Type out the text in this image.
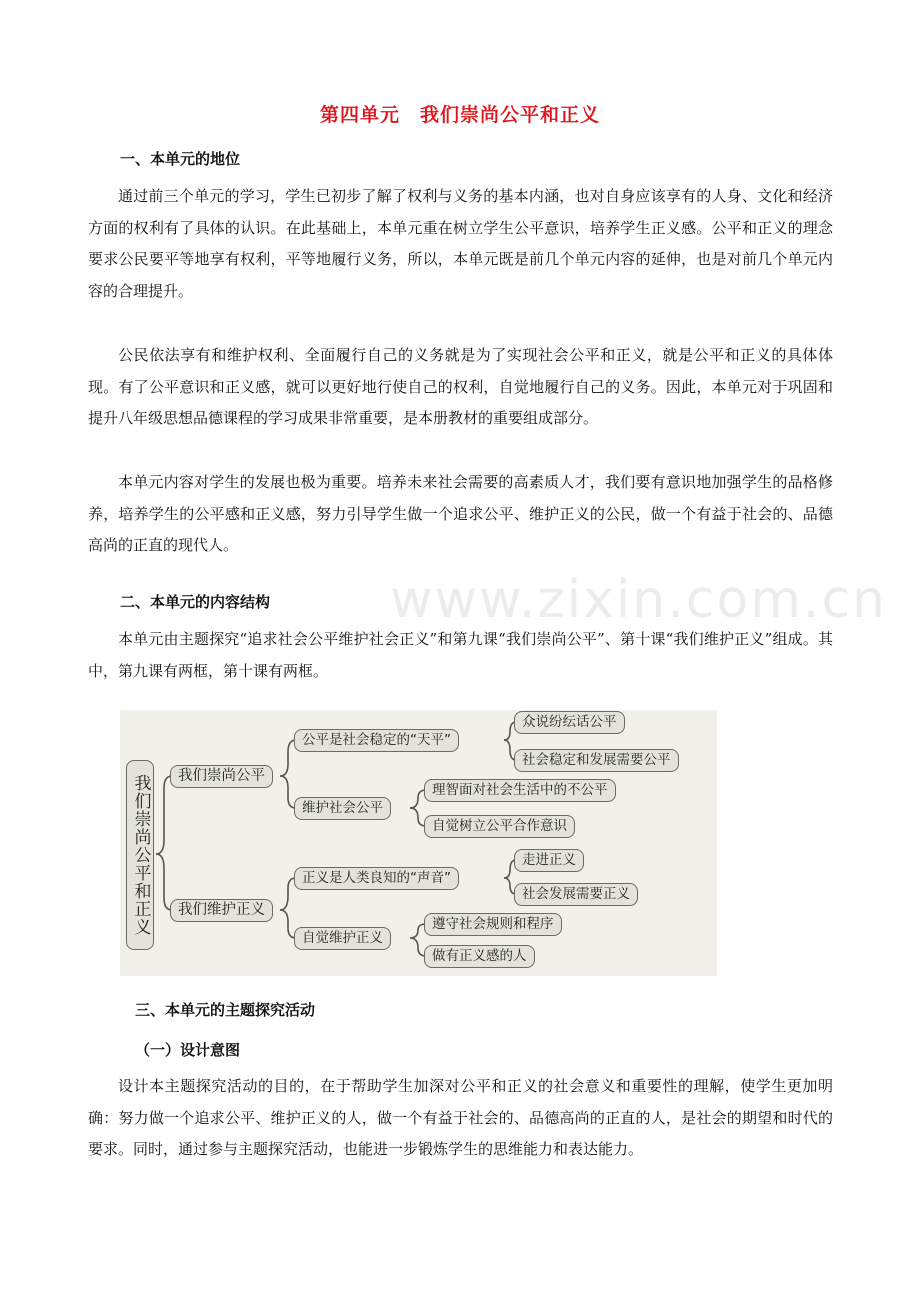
第四单元　我们崇尚公平和正义
一、本单元的地位

通过前三个单元的学习，学生已初步了解了权利与义务的基本内涵，也对自身应该享有的人身、文化和经济方面的权利有了具体的认识。在此基础上，本单元重在树立学生公平意识，培养学生正义感。公平和正义的理念要求公民要平等地享有权利，平等地履行义务，所以，本单元既是前几个单元内容的延伸，也是对前几个单元内容的合理提升。

公民依法享有和维护权利、全面履行自己的义务就是为了实现社会公平和正义，就是公平和正义的具体体现。有了公平意识和正义感，就可以更好地行使自己的权利，自觉地履行自己的义务。因此，本单元对于巩固和提升八年级思想品德课程的学习成果非常重要，是本册教材的重要组成部分。

本单元内容对学生的发展也极为重要。培养未来社会需要的高素质人才，我们要有意识地加强学生的品格修养，培养学生的公平感和正义感，努力引导学生做一个追求公平、维护正义的公民，做一个有益于社会的、品德高尚的正直的现代人。

www.zixin.com.cn
二、本单元的内容结构

本单元由主题探究“追求社会公平维护社会正义”和第九课“我们崇尚公平”、第十课“我们维护正义”组成。其中，第九课有两框，第十课有两框。

我们崇尚公平和正义	我们崇尚公平
公平是社会稳定的“天平”
众说纷纭话公平
社会稳定和发展需要公平
维护社会公平
理智面对社会生活中的不公平
自觉树立公平合作意识
我们维护正义
正义是人类良知的“声音”
走进正义
社会发展需要正义
自觉维护正义
遵守社会规则和程序
做有正义感的人
三、本单元的主题探究活动
（一）设计意图

设计本主题探究活动的目的，在于帮助学生加深对公平和正义的社会意义和重要性的理解，使学生更加明确：努力做一个追求公平、维护正义的人，做一个有益于社会的、品德高尚的正直的人，是社会的期望和时代的要求。同时，通过参与主题探究活动，也能进一步锻炼学生的思维能力和表达能力。
